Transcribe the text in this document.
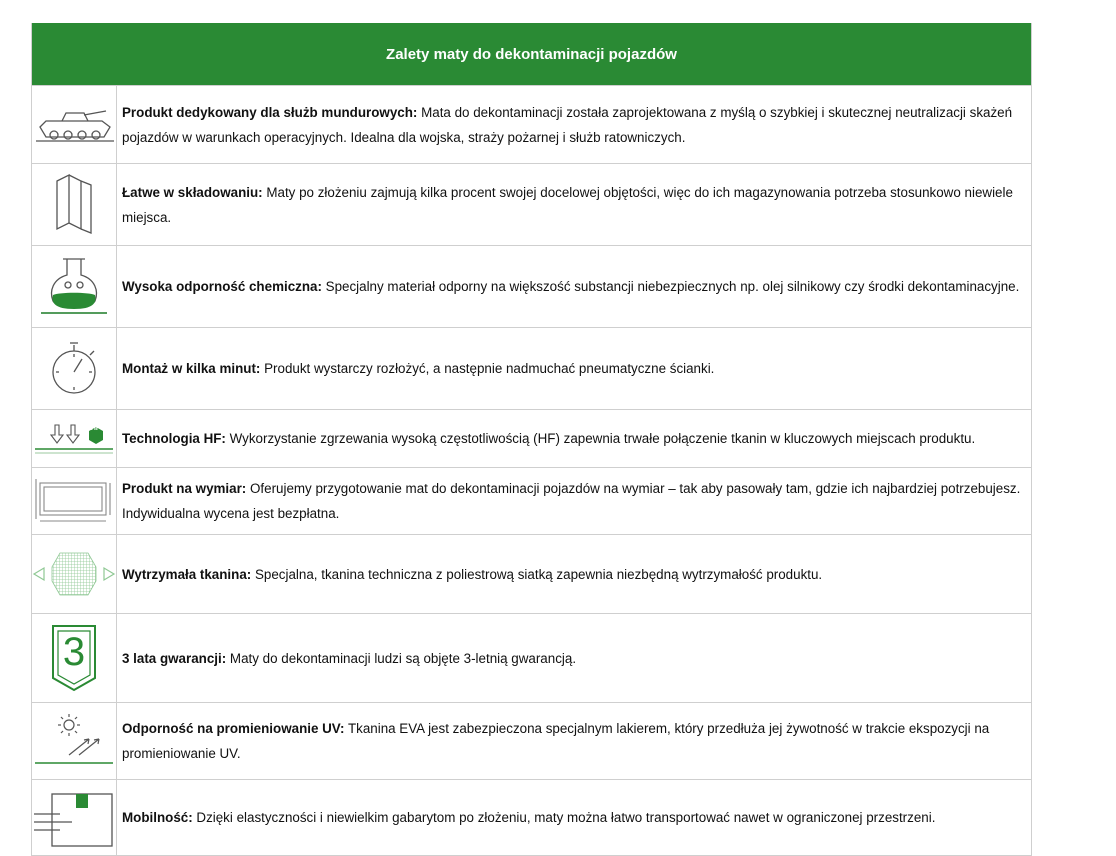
Zalety maty do dekontaminacji pojazdów

Produkt dedykowany dla służb mundurowych: Mata do dekontaminacji została zaprojektowana z myślą o szybkiej i skutecznej neutralizacji skażeń pojazdów w warunkach operacyjnych. Idealna dla wojska, straży pożarnej i służb ratowniczych.

Łatwe w składowaniu: Maty po złożeniu zajmują kilka procent swojej docelowej objętości, więc do ich magazynowania potrzeba stosunkowo niewiele miejsca.

Wysoka odporność chemiczna: Specjalny materiał odporny na większość substancji niebezpiecznych np. olej silnikowy czy środki dekontaminacyjne.

Montaż w kilka minut: Produkt wystarczy rozłożyć, a następnie nadmuchać pneumatyczne ścianki.

HF

Technologia HF: Wykorzystanie zgrzewania wysoką częstotliwością (HF) zapewnia trwałe połączenie tkanin w kluczowych miejscach produktu.

Produkt na wymiar: Oferujemy przygotowanie mat do dekontaminacji pojazdów na wymiar – tak aby pasowały tam, gdzie ich najbardziej potrzebujesz. Indywidualna wycena jest bezpłatna.

Wytrzymała tkanina: Specjalna, tkanina techniczna z poliestrową siatką zapewnia niezbędną wytrzymałość produktu.

3	3 lata gwarancji: Maty do dekontaminacji ludzi są objęte 3-letnią gwarancją.

Odporność na promieniowanie UV: Tkanina EVA jest zabezpieczona specjalnym lakierem, który przedłuża jej żywotność w trakcie ekspozycji na promieniowanie UV.

Mobilność: Dzięki elastyczności i niewielkim gabarytom po złożeniu, maty można łatwo transportować nawet w ograniczonej przestrzeni.
